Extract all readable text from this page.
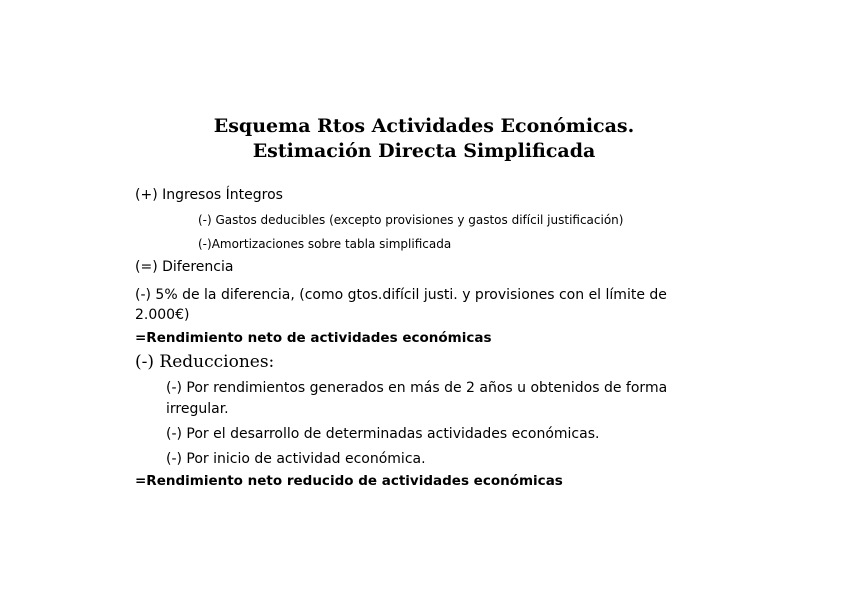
Esquema Rtos Actividades Económicas.
Estimación Directa Simplificada

(+) Ingresos Íntegros

(-) Gastos deducibles (excepto provisiones y gastos difícil justificación)

(-)Amortizaciones sobre tabla simplificada

(=) Diferencia

(-) 5% de la diferencia, (como gtos.difícil justi. y provisiones con el límite de 2.000€)

=Rendimiento neto de actividades económicas

(-) Reducciones:

(-) Por rendimientos generados en más de 2 años u obtenidos de forma irregular.

(-) Por el desarrollo de determinadas actividades económicas.

(-) Por inicio de actividad económica.

=Rendimiento neto reducido de actividades económicas
